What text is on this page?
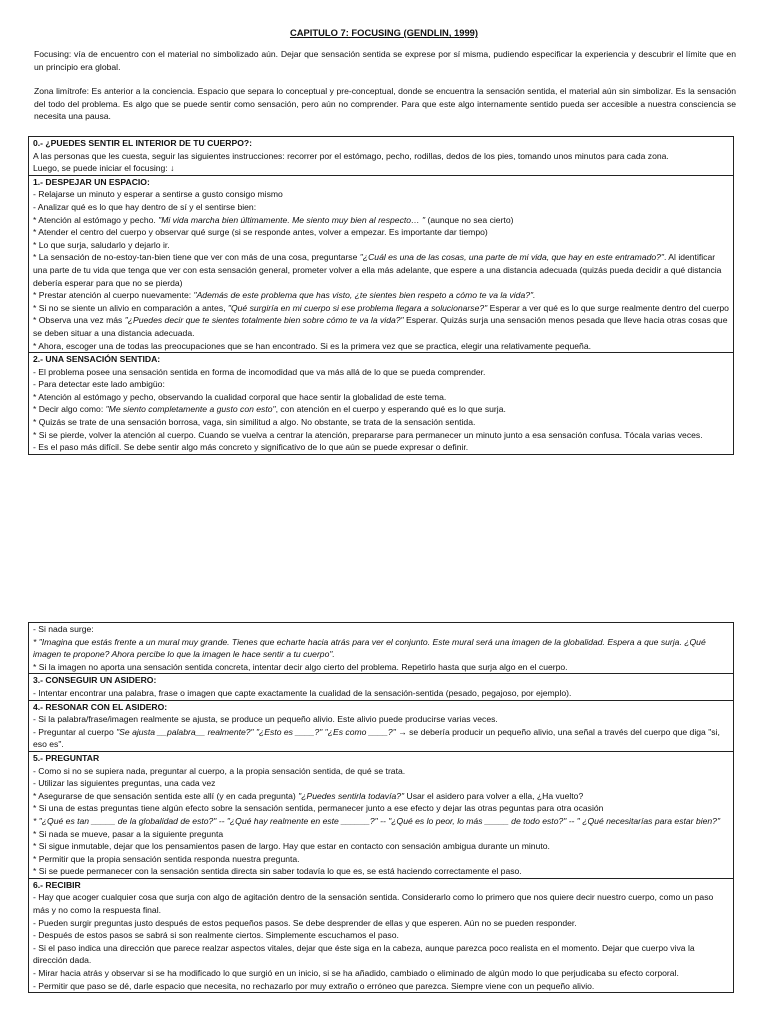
CAPITULO 7: FOCUSING (GENDLIN, 1999)
Focusing: vía de encuentro con el material no simbolizado aún. Dejar que sensación sentida se exprese por sí misma, pudiendo especificar la experiencia y descubrir el límite que en un principio era global.
Zona limítrofe: Es anterior a la conciencia. Espacio que separa lo conceptual y pre-conceptual, donde se encuentra la sensación sentida, el material aún sin simbolizar. Es la sensación del todo del problema. Es algo que se puede sentir como sensación, pero aún no comprender. Para que este algo internamente sentido pueda ser accesible a nuestra consciencia se necesita una pausa.
0.- ¿PUEDES SENTIR EL INTERIOR DE TU CUERPO?:
A las personas que les cuesta, seguir las siguientes instrucciones: recorrer por el estómago, pecho, rodillas, dedos de los pies, tomando unos minutos para cada zona.
Luego, se puede iniciar el focusing: ↓
1.- DESPEJAR UN ESPACIO:
- Relajarse un minuto y esperar a sentirse a gusto consigo mismo
- Analizar qué es lo que hay dentro de sí y el sentirse bien:
* Atención al estómago y pecho. "Mi vida marcha bien últimamente. Me siento muy bien al respecto… " (aunque no sea cierto)
* Atender el centro del cuerpo y observar qué surge (si se responde antes, volver a empezar. Es importante dar tiempo)
* Lo que surja, saludarlo y dejarlo ir.
* La sensación de no-estoy-tan-bien tiene que ver con más de una cosa, preguntarse "¿Cuál es una de las cosas, una parte de mi vida, que hay en este entramado?". Al identificar una parte de tu vida que tenga que ver con esta sensación general, prometer volver a ella más adelante, que espere a una distancia adecuada (quizás pueda decidir a qué distancia debería esperar para que no se pierda)
* Prestar atención al cuerpo nuevamente: "Además de este problema que has visto, ¿te sientes bien respeto a cómo te va la vida?".
* Si no se siente un alivio en comparación a antes, "Qué surgiría en mi cuerpo si ese problema llegara a solucionarse?" Esperar a ver qué es lo que surge realmente dentro del cuerpo
* Observa una vez más "¿Puedes decir que te sientes totalmente bien sobre cómo te va la vida?" Esperar. Quizás surja una sensación menos pesada que lleve hacia otras cosas que se deben situar a una distancia adecuada.
* Ahora, escoger una de todas las preocupaciones que se han encontrado. Si es la primera vez que se practica, elegir una relativamente pequeña.
2.- UNA SENSACIÓN SENTIDA:
- El problema posee una sensación sentida en forma de incomodidad que va más allá de lo que se pueda comprender.
- Para detectar este lado ambigüo:
* Atención al estómago y pecho, observando la cualidad corporal que hace sentir la globalidad de este tema.
* Decir algo como: "Me siento completamente a gusto con esto", con atención en el cuerpo y esperando qué es lo que surja.
* Quizás se trate de una sensación borrosa, vaga, sin similitud a algo. No obstante, se trata de la sensación sentida.
* Si se pierde, volver la atención al cuerpo. Cuando se vuelva a centrar la atención, prepararse para permanecer un minuto junto a esa sensación confusa. Tócala varias veces.
- Es el paso más difícil. Se debe sentir algo más concreto y significativo de lo que aún se puede expresar o definir.
- Si nada surge:
* "Imagina que estás frente a un mural muy grande. Tienes que echarte hacia atrás para ver el conjunto. Este mural será una imagen de la globalidad. Espera a que surja. ¿Qué imagen te propone? Ahora percibe lo que la imagen le hace sentir a tu cuerpo".
* Si la imagen no aporta una sensación sentida concreta, intentar decir algo cierto del problema. Repetirlo hasta que surja algo en el cuerpo.
3.- CONSEGUIR UN ASIDERO:
- Intentar encontrar una palabra, frase o imagen que capte exactamente la cualidad de la sensación-sentida (pesado, pegajoso, por ejemplo).
4.- RESONAR CON EL ASIDERO:
- Si la palabra/frase/imagen realmente se ajusta, se produce un pequeño alivio. Este alivio puede producirse varias veces.
- Preguntar al cuerpo "Se ajusta __palabra__ realmente?" "¿Esto es ____?" "¿Es como ____?" → se debería producir un pequeño alivio, una señal a través del cuerpo que diga "si, eso es".
5.- PREGUNTAR
- Como si no se supiera nada, preguntar al cuerpo, a la propia sensación sentida, de qué se trata.
- Utilizar las siguientes preguntas, una cada vez
* Asegurarse de que sensación sentida este allí (y en cada pregunta) "¿Puedes sentirla todavía?" Usar el asidero para volver a ella, ¿Ha vuelto?
* Si una de estas preguntas tiene algún efecto sobre la sensación sentida, permanecer junto a ese efecto y dejar las otras peguntas para otra ocasión
* "¿Qué es tan _____ de la globalidad de esto?" -- "¿Qué hay realmente en este ______?" -- "¿Qué es lo peor, lo más _____ de todo esto?" -- " ¿Qué necesitarías para estar bien?"
* Si nada se mueve, pasar a la siguiente pregunta
* Si sigue inmutable, dejar que los pensamientos pasen de largo. Hay que estar en contacto con sensación ambigua durante un minuto.
* Permitir que la propia sensación sentida responda nuestra pregunta.
* Si se puede permanecer con la sensación sentida directa sin saber todavía lo que es, se está haciendo correctamente el paso.
6.- RECIBIR
- Hay que acoger cualquier cosa que surja con algo de agitación dentro de la sensación sentida. Considerarlo como lo primero que nos quiere decir nuestro cuerpo, como un paso más y no como la respuesta final.
- Pueden surgir preguntas justo después de estos pequeños pasos. Se debe desprender de ellas y que esperen. Aún no se pueden responder.
- Después de estos pasos se sabrá si son realmente ciertos. Simplemente escuchamos el paso.
- Si el paso indica una dirección que parece realzar aspectos vitales, dejar que éste siga en la cabeza, aunque parezca poco realista en el momento. Dejar que cuerpo viva la dirección dada.
- Mirar hacia atrás y observar si se ha modificado lo que surgió en un inicio, si se ha añadido, cambiado o eliminado de algún modo lo que perjudicaba su efecto corporal.
- Permitir que paso se dé, darle espacio que necesita, no rechazarlo por muy extraño o erróneo que parezca. Siempre viene con un pequeño alivio.
